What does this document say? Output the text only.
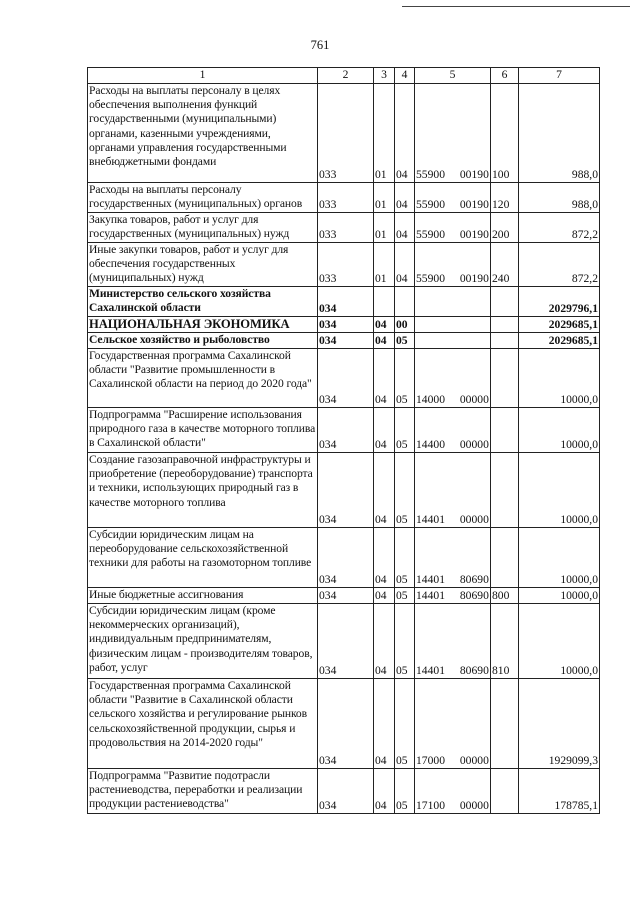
761
1	2	3	4	5	6	7
Расходы на выплаты персоналу в целях обеспечения выполнения функций государственными (муниципальными) органами, казенными учреждениями, органами управления государственными внебюджетными фондами	033	01	04	55900 00190	100	988,0
Расходы на выплаты персоналу государственных (муниципальных) органов	033	01	04	55900 00190	120	988,0
Закупка товаров, работ и услуг для государственных (муниципальных) нужд	033	01	04	55900 00190	200	872,2
Иные закупки товаров, работ и услуг для обеспечения государственных (муниципальных) нужд	033	01	04	55900 00190	240	872,2
Министерство сельского хозяйства Сахалинской области	034					2029796,1
НАЦИОНАЛЬНАЯ ЭКОНОМИКА	034	04	00			2029685,1
Сельское хозяйство и рыболовство	034	04	05			2029685,1
Государственная программа Сахалинской области "Развитие промышленности в Сахалинской области на период до 2020 года"	034	04	05	14000 00000		10000,0
Подпрограмма "Расширение использования природного газа в качестве моторного топлива в Сахалинской области"	034	04	05	14400 00000		10000,0
Создание газозаправочной инфраструктуры и приобретение (переоборудование) транспорта и техники, использующих природный газ в качестве моторного топлива	034	04	05	14401 00000		10000,0
Субсидии юридическим лицам на переоборудование сельскохозяйственной техники для работы на газомоторном топливе	034	04	05	14401 80690		10000,0
Иные бюджетные ассигнования	034	04	05	14401 80690	800	10000,0
Субсидии юридическим лицам (кроме некоммерческих организаций), индивидуальным предпринимателям, физическим лицам - производителям товаров, работ, услуг	034	04	05	14401 80690	810	10000,0
Государственная программа Сахалинской области "Развитие в Сахалинской области сельского хозяйства и регулирование рынков сельскохозяйственной продукции, сырья и продовольствия на 2014-2020 годы"	034	04	05	17000 00000		1929099,3
Подпрограмма "Развитие подотрасли растениеводства, переработки и реализации продукции растениеводства"	034	04	05	17100 00000		178785,1
